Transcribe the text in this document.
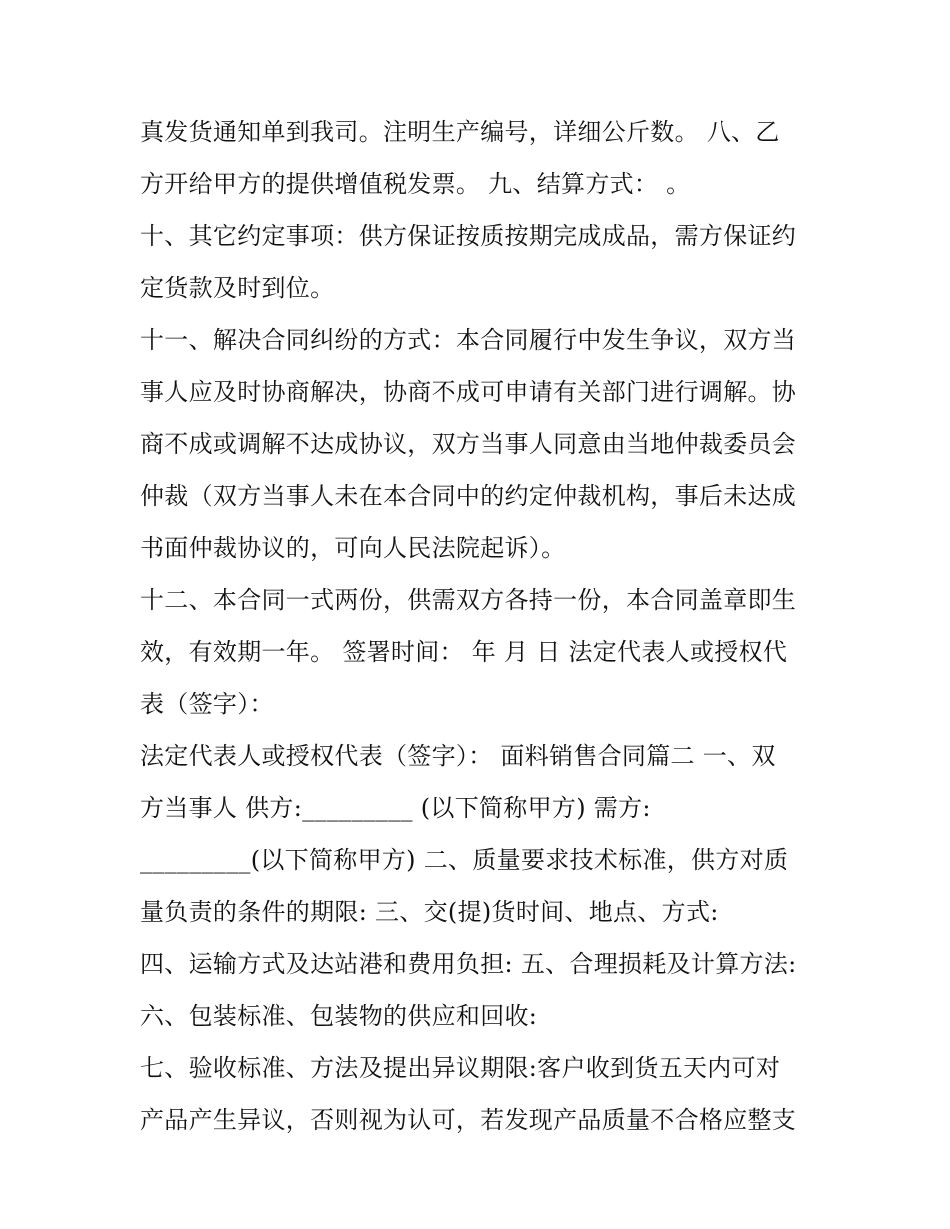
真发货通知单到我司。注明生产编号，详细公斤数。 八、乙
方开给甲方的提供增值税发票。 九、结算方式： 。
十、其它约定事项：供方保证按质按期完成成品，需方保证约
定货款及时到位。
十一、解决合同纠纷的方式：本合同履行中发生争议，双方当
事人应及时协商解决，协商不成可申请有关部门进行调解。协
商不成或调解不达成协议，双方当事人同意由当地仲裁委员会
仲裁（双方当事人未在本合同中的约定仲裁机构，事后未达成
书面仲裁协议的，可向人民法院起诉）。
十二、本合同一式两份，供需双方各持一份，本合同盖章即生
效，有效期一年。 签署时间： 年 月 日 法定代表人或授权代
表（签字）：
法定代表人或授权代表（签字）： 面料销售合同篇二 一、双
方当事人 供方:_________ (以下简称甲方) 需方:
_________(以下简称甲方) 二、质量要求技术标准，供方对质
量负责的条件的期限: 三、交(提)货时间、地点、方式:
四、运输方式及达站港和费用负担: 五、合理损耗及计算方法:
六、包装标准、包装物的供应和回收:
七、验收标准、方法及提出异议期限:客户收到货五天内可对
产品产生异议，否则视为认可，若发现产品质量不合格应整支
